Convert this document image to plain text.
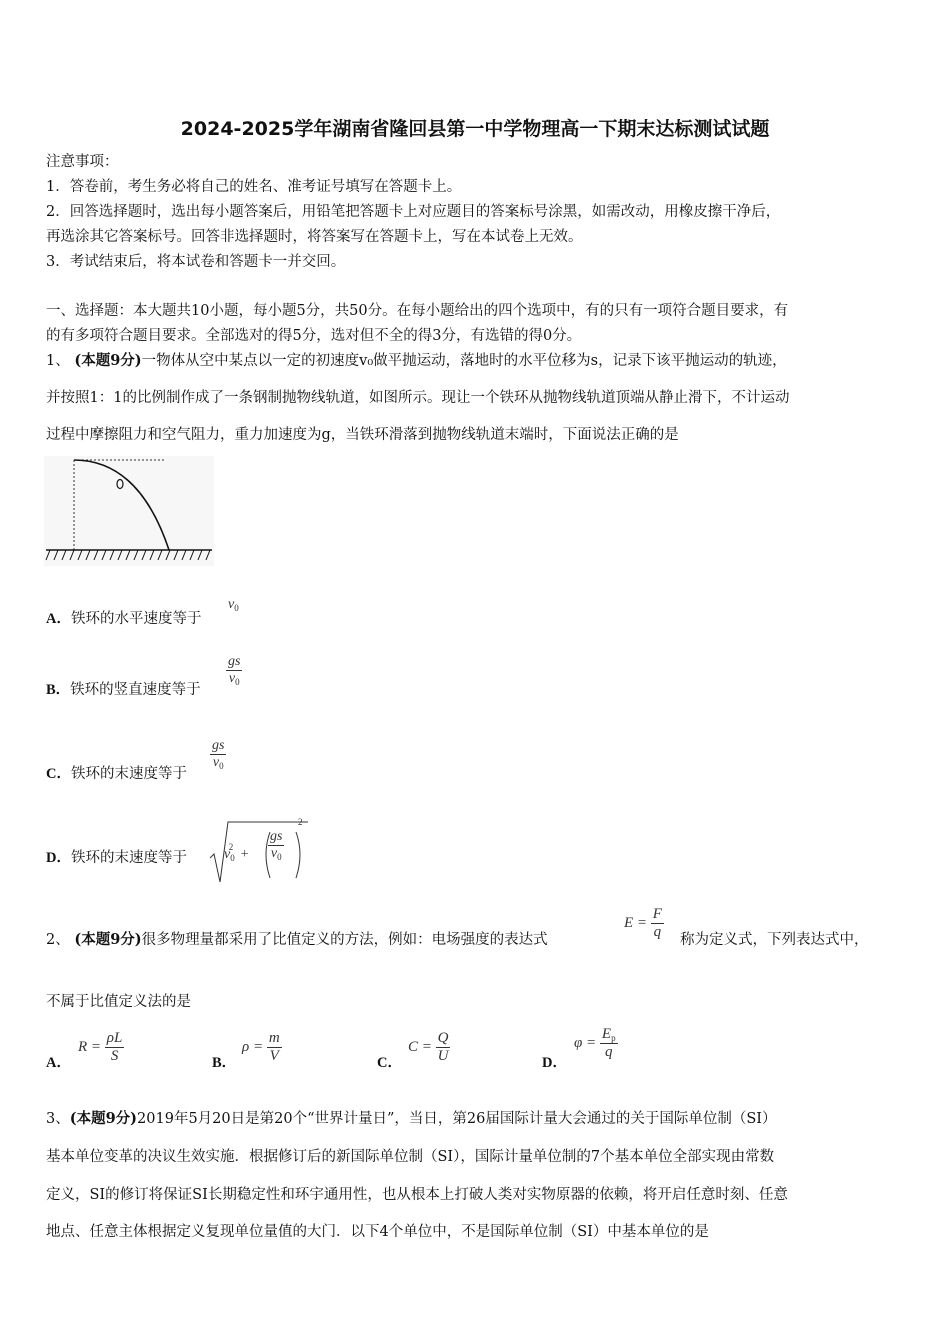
2024-2025学年湖南省隆回县第一中学物理高一下期末达标测试试题
注意事项：
1．答卷前，考生务必将自己的姓名、准考证号填写在答题卡上。
2．回答选择题时，选出每小题答案后，用铅笔把答题卡上对应题目的答案标号涂黑，如需改动，用橡皮擦干净后，
再选涂其它答案标号。回答非选择题时，将答案写在答题卡上，写在本试卷上无效。
3．考试结束后，将本试卷和答题卡一并交回。
一、选择题：本大题共10小题，每小题5分，共50分。在每小题给出的四个选项中，有的只有一项符合题目要求，有
的有多项符合题目要求。全部选对的得5分，选对但不全的得3分，有选错的得0分。
1、 (本题9分)一物体从空中某点以一定的初速度v₀做平抛运动，落地时的水平位移为s，记录下该平抛运动的轨迹，
并按照1：1的比例制作成了一条钢制抛物线轨道，如图所示。现让一个铁环从抛物线轨道顶端从静止滑下，不计运动
过程中摩擦阻力和空气阻力，重力加速度为g，当铁环滑落到抛物线轨道末端时，下面说法正确的是
A．铁环的水平速度等于
$v_0$
B．铁环的竖直速度等于
$\frac{gs}{v_0}$
C．铁环的末速度等于
$\frac{gs}{v_0}$
D．铁环的末速度等于	$v_0^2 + \frac{gs}{v_0}$
2
2、 (本题9分)很多物理量都采用了比值定义的方法，例如：电场强度的表达式
$E = \frac{F}{q}$ 称为定义式，下列表达式中，
不属于比值定义法的是
A．
$R = \frac{\rho L}{S}$	B．
$\rho = \frac{m}{V}$	C．
$C = \frac{Q}{U}$	D．
$\varphi = \frac{E_p}{q}$
3、(本题9分)2019年5月20日是第20个“世界计量日”，当日，第26届国际计量大会通过的关于国际单位制（SI）
基本单位变革的决议生效实施．根据修订后的新国际单位制（SI），国际计量单位制的7个基本单位全部实现由常数
定义，SI的修订将保证SI长期稳定性和环宇通用性，也从根本上打破人类对实物原器的依赖，将开启任意时刻、任意
地点、任意主体根据定义复现单位量值的大门．以下4个单位中，不是国际单位制（SI）中基本单位的是
